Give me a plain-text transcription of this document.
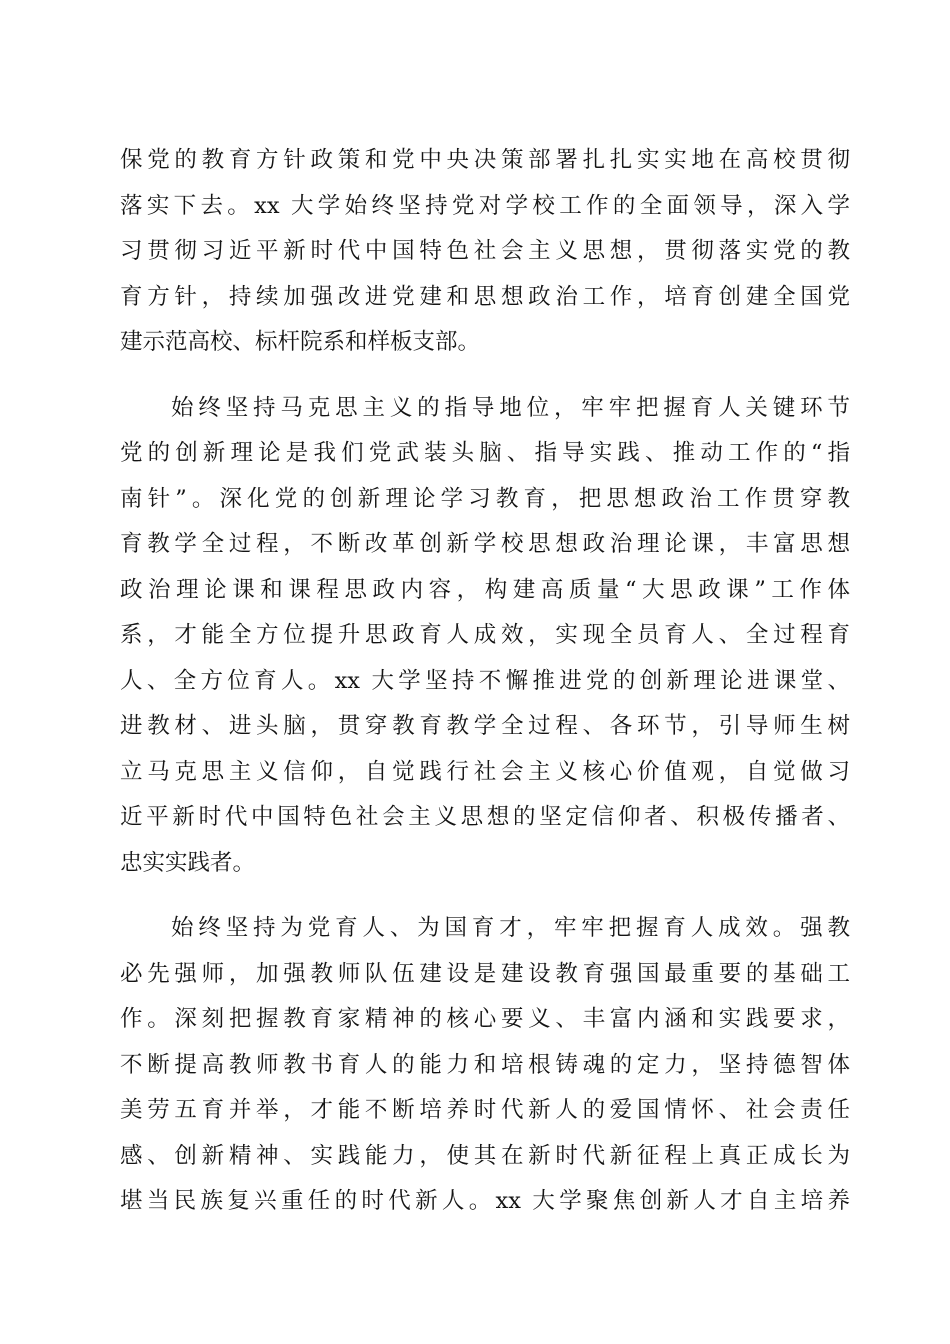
保党的教育方针政策和党中央决策部署扎扎实实地在高校贯彻
落实下去。xx 大学始终坚持党对学校工作的全面领导，深入学
习贯彻习近平新时代中国特色社会主义思想，贯彻落实党的教
育方针，持续加强改进党建和思想政治工作，培育创建全国党
建示范高校、标杆院系和样板支部。
始终坚持马克思主义的指导地位，牢牢把握育人关键环节
党的创新理论是我们党武装头脑、指导实践、推动工作的“指
南针”。深化党的创新理论学习教育，把思想政治工作贯穿教
育教学全过程，不断改革创新学校思想政治理论课，丰富思想
政治理论课和课程思政内容，构建高质量“大思政课”工作体
系，才能全方位提升思政育人成效，实现全员育人、全过程育
人、全方位育人。xx 大学坚持不懈推进党的创新理论进课堂、
进教材、进头脑，贯穿教育教学全过程、各环节，引导师生树
立马克思主义信仰，自觉践行社会主义核心价值观，自觉做习
近平新时代中国特色社会主义思想的坚定信仰者、积极传播者、
忠实实践者。
始终坚持为党育人、为国育才，牢牢把握育人成效。强教
必先强师，加强教师队伍建设是建设教育强国最重要的基础工
作。深刻把握教育家精神的核心要义、丰富内涵和实践要求，
不断提高教师教书育人的能力和培根铸魂的定力，坚持德智体
美劳五育并举，才能不断培养时代新人的爱国情怀、社会责任
感、创新精神、实践能力，使其在新时代新征程上真正成长为
堪当民族复兴重任的时代新人。xx 大学聚焦创新人才自主培养
